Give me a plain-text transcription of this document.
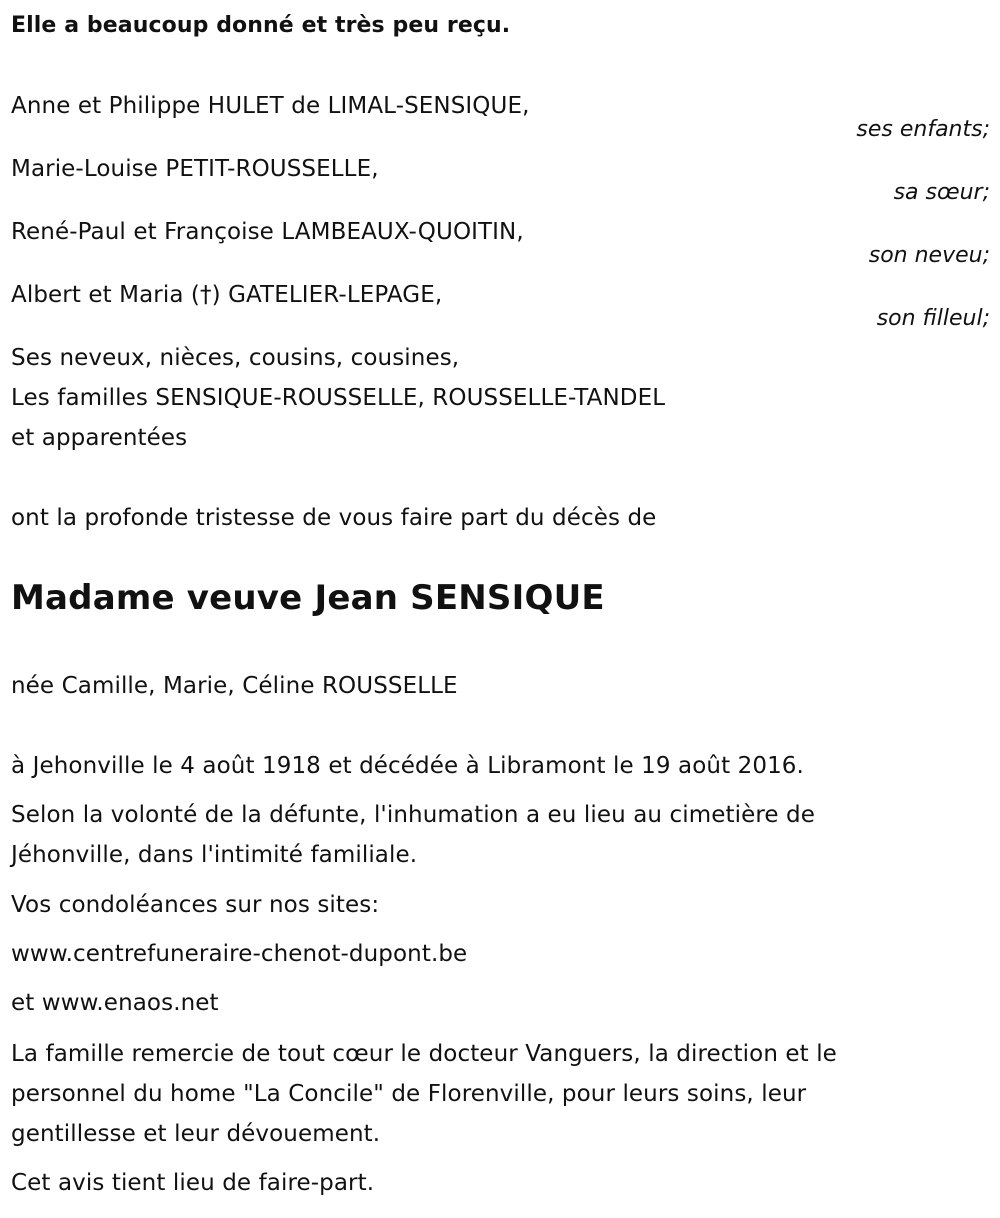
Elle a beaucoup donné et très peu reçu.
Anne et Philippe HULET de LIMAL-SENSIQUE,
ses enfants;
Marie-Louise PETIT-ROUSSELLE,
sa sœur;
René-Paul et Françoise LAMBEAUX-QUOITIN,
son neveu;
Albert et Maria (†) GATELIER-LEPAGE,
son filleul;
Ses neveux, nièces, cousins, cousines,
Les familles SENSIQUE-ROUSSELLE, ROUSSELLE-TANDEL
et apparentées
ont la profonde tristesse de vous faire part du décès de
Madame veuve Jean SENSIQUE
née Camille, Marie, Céline ROUSSELLE
à Jehonville le 4 août 1918 et décédée à Libramont le 19 août 2016.
Selon la volonté de la défunte, l'inhumation a eu lieu au cimetière de
Jéhonville, dans l'intimité familiale.
Vos condoléances sur nos sites:
www.centrefuneraire-chenot-dupont.be
et www.enaos.net
La famille remercie de tout cœur le docteur Vanguers, la direction et le
personnel du home "La Concile" de Florenville, pour leurs soins, leur
gentillesse et leur dévouement.
Cet avis tient lieu de faire-part.
